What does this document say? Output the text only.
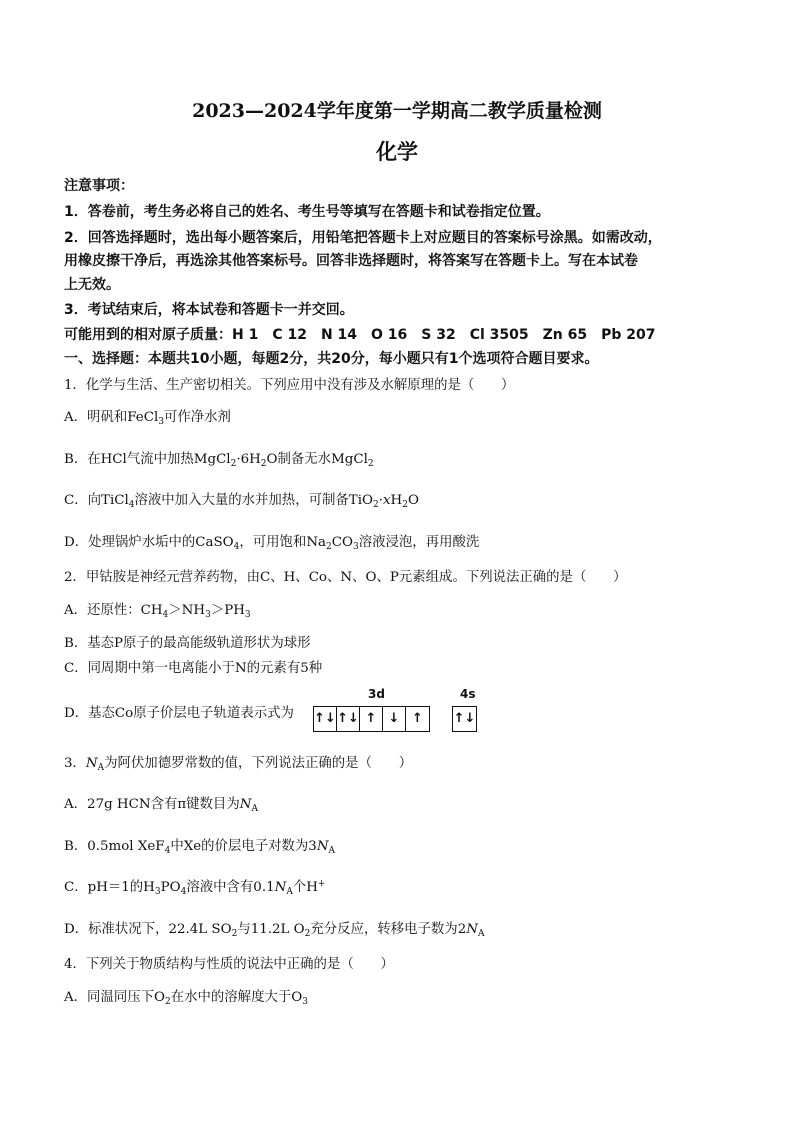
2023—2024学年度第一学期高二教学质量检测
化学
注意事项：
1．答卷前，考生务必将自己的姓名、考生号等填写在答题卡和试卷指定位置。
2．回答选择题时，选出每小题答案后，用铅笔把答题卡上对应题目的答案标号涂黑。如需改动，
用橡皮擦干净后，再选涂其他答案标号。回答非选择题时，将答案写在答题卡上。写在本试卷
上无效。
3．考试结束后，将本试卷和答题卡一并交回。
可能用到的相对原子质量：H 1　C 12　N 14　O 16　S 32　Cl 3505　Zn 65　Pb 207
一、选择题：本题共10小题，每题2分，共20分，每小题只有1个选项符合题目要求。
1．化学与生活、生产密切相关。下列应用中没有涉及水解原理的是（　　）
A．明矾和FeCl$_3$可作净水剂
B．在HCl气流中加热$MgCl_2\cdot 6H_2O$制备无水MgCl$_2$
C．向TiCl$_4$溶液中加入大量的水并加热，可制备$TiO_2\cdot xH_2O$
D．处理锅炉水垢中的CaSO$_4$，可用饱和$Na_2CO_3$溶液浸泡，再用酸洗
2．甲钴胺是神经元营养药物，由C、H、Co、N、O、P元素组成。下列说法正确的是（　　）
A．还原性：$CH_4>NH_3>PH_3$
B．基态P原子的最高能级轨道形状为球形
C．同周期中第一电离能小于N的元素有5种
D．基态Co原子价层电子轨道表示式为
3d	4s
↑↓ ↑↓ ↑ ↓ ↑	↑↓
3．$N_A$为阿伏加德罗常数的值，下列说法正确的是（　　）
A．27g HCN含有π键数目为$N_A$
B．0.5mol XeF$_4$中Xe的价层电子对数为$3N_A$
C．pH＝1的$H_3PO_4$溶液中含有$0.1N_A$个H+
D．标准状况下，22.4L $SO_2$与11.2L $O_2$充分反应，转移电子数为$2N_A$
4．下列关于物质结构与性质的说法中正确的是（　　）
A．同温同压下$O_2$在水中的溶解度大于$O_3$
